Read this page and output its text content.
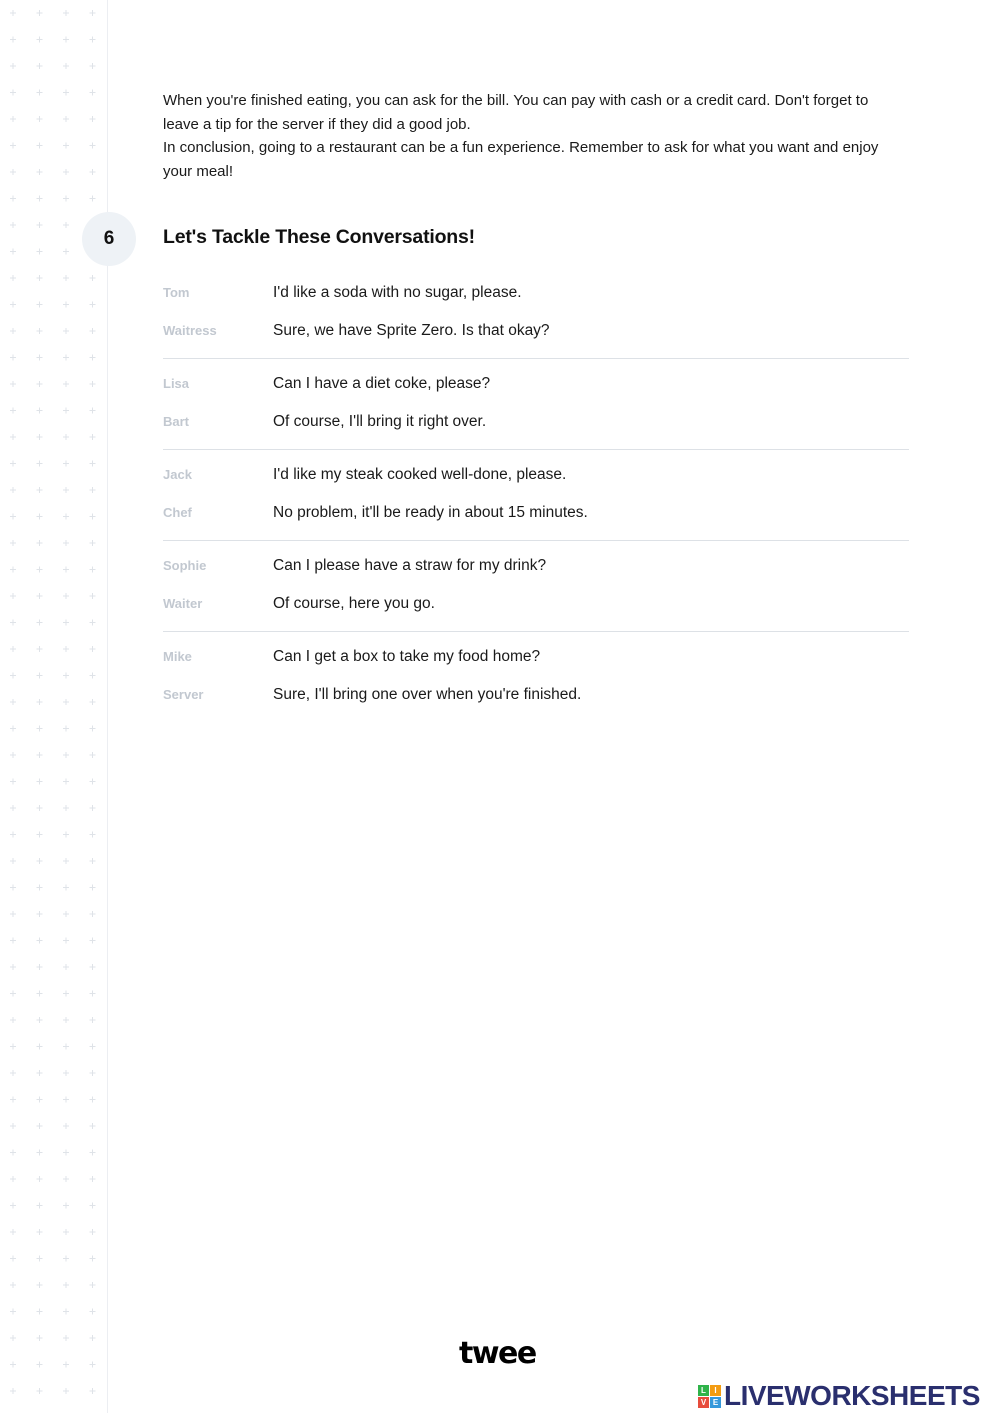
When you're finished eating, you can ask for the bill. You can pay with cash or a credit card. Don't forget to leave a tip for the server if they did a good job.

In conclusion, going to a restaurant can be a fun experience. Remember to ask for what you want and enjoy your meal!

6	Let's Tackle These Conversations!
Tom	I'd like a soda with no sugar, please.
Waitress	Sure, we have Sprite Zero. Is that okay?
Lisa	Can I have a diet coke, please?
Bart	Of course, I'll bring it right over.
Jack	I'd like my steak cooked well-done, please.
Chef	No problem, it'll be ready in about 15 minutes.
Sophie	Can I please have a straw for my drink?
Waiter	Of course, here you go.
Mike	Can I get a box to take my food home?
Server	Sure, I'll bring one over when you're finished.
twee
L	I
V E LIVEWORKSHEETS
